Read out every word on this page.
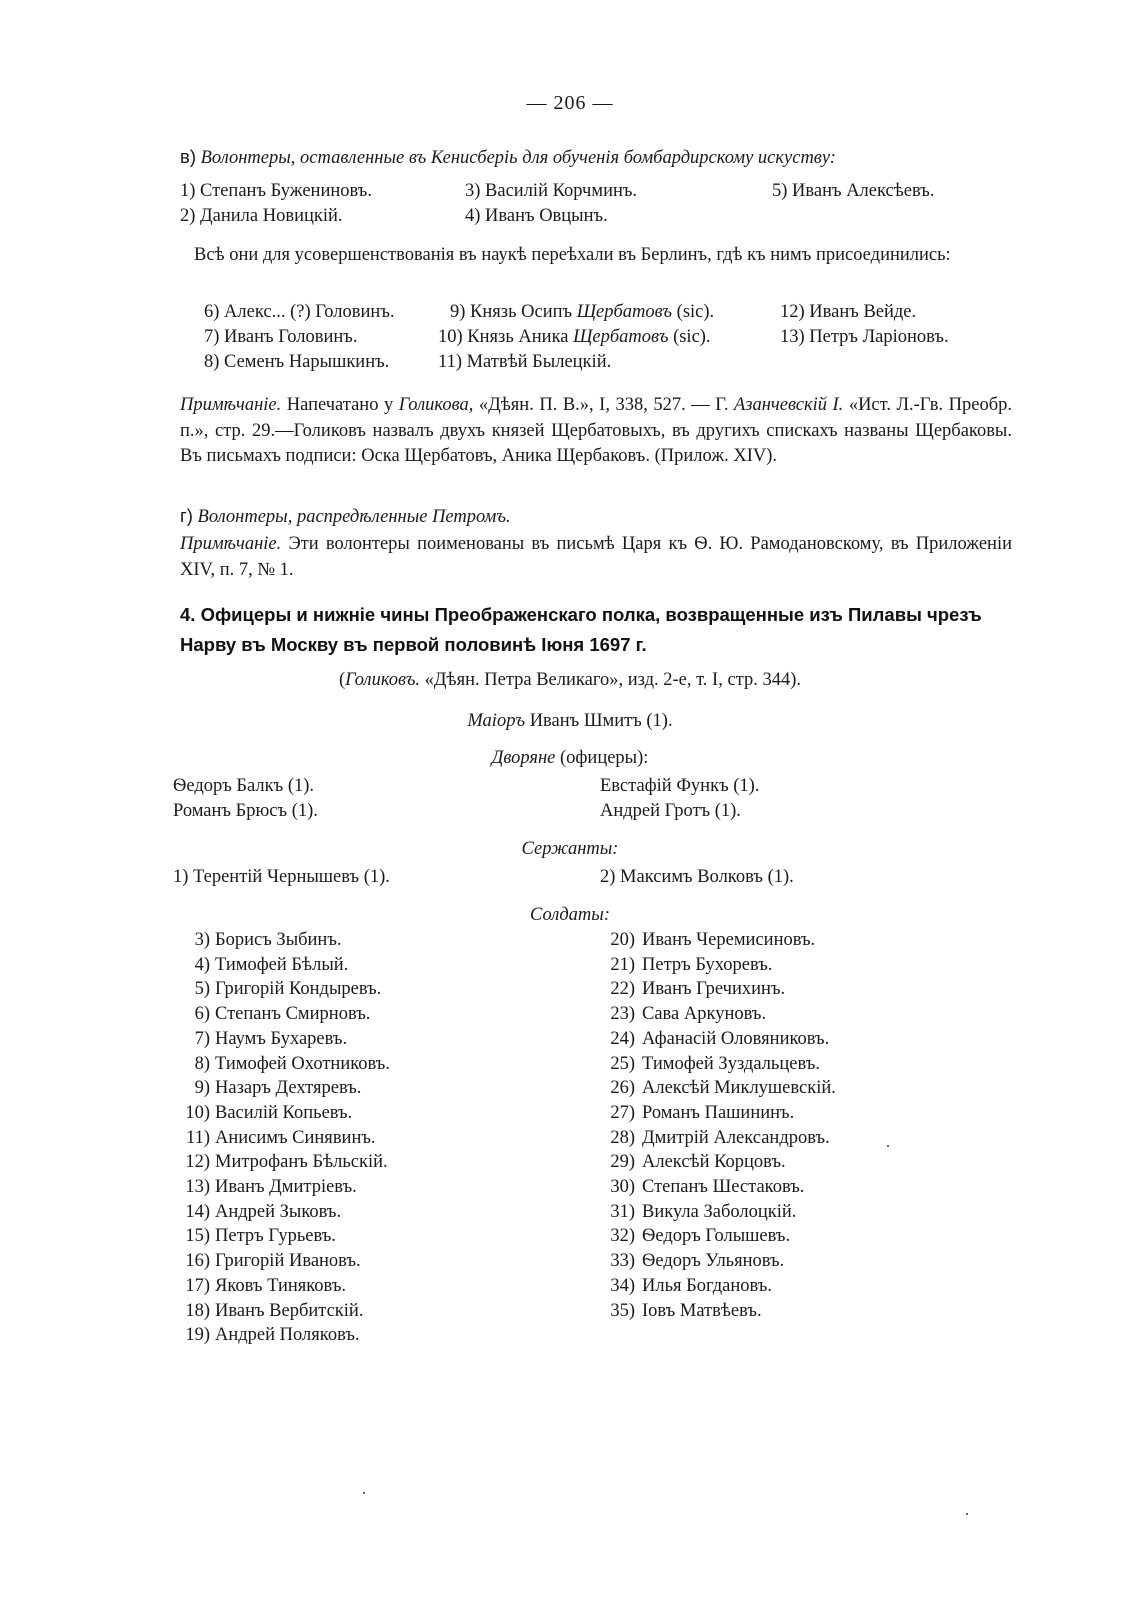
— 206 —
в) Волонтеры, оставленные въ Кенисберіь для обученія бомбардирскому искуству:
1) Степанъ Бужениновъ.
2) Данила Новицкій.
3) Василій Корчминъ.
4) Иванъ Овцынъ.
5) Иванъ Алексѣевъ.
Всѣ они для усовершенствованія въ наукѣ переѣхали въ Берлинъ, гдѣ къ нимъ присоединились:
6) Алекс... (?) Головинъ.
7) Иванъ Головинъ.
8) Семенъ Нарышкинъ.
9) Князь Осипъ Щербатовъ (sic).
10) Князь Аника Щербатовъ (sic).
11) Матвѣй Былецкій.
12) Иванъ Вейде.
13) Петръ Ларіоновъ.
Примѣчаніе. Напечатано у Голикова, «Дѣян. П. В.», I, 338, 527. — Г. Азанчевскій I. «Ист. Л.-Гв. Преобр. п.», стр. 29.—Голиковъ назвалъ двухъ князей Щербатовыхъ, въ другихъ спискахъ названы Щербаковы. Въ письмахъ подписи: Оска Щербатовъ, Аника Щербаковъ. (Прилож. XIV).
г) Волонтеры, распредѣленные Петромъ.
Примѣчаніе. Эти волонтеры поименованы въ письмѣ Царя къ Ѳ. Ю. Рамодановскому, въ Приложеніи XIV, п. 7, № 1.
4. Офицеры и нижніе чины Преображенскаго полка, возвращенные изъ Пилавы чрезъ Нарву въ Москву въ первой половинѣ Іюня 1697 г.
(Голиковъ. «Дѣян. Петра Великаго», изд. 2-е, т. I, стр. 344).
Маіоръ Иванъ Шмитъ (1).
Дворяне (офицеры):
Ѳедоръ Балкъ (1).
Романъ Брюсъ (1).
Евстафій Функъ (1).
Андрей Гротъ (1).
Сержанты:
1) Терентій Чернышевъ (1).	2) Максимъ Волковъ (1).
Солдаты:
3) Борисъ Зыбинъ.
4) Тимофей Бѣлый.
5) Григорій Кондыревъ.
6) Степанъ Смирновъ.
7) Наумъ Бухаревъ.
8) Тимофей Охотниковъ.
9) Назаръ Дехтяревъ.
10) Василій Копьевъ.
11) Анисимъ Синявинъ.
12) Митрофанъ Бѣльскій.
13) Иванъ Дмитріевъ.
14) Андрей Зыковъ.
15) Петръ Гурьевъ.
16) Григорій Ивановъ.
17) Яковъ Тиняковъ.
18) Иванъ Вербитскій.
19) Андрей Поляковъ.
20) Иванъ Черемисиновъ.
21) Петръ Бухоревъ.
22) Иванъ Гречихинъ.
23) Сава Аркуновъ.
24) Афанасій Оловяниковъ.
25) Тимофей Зуздальцевъ.
26) Алексѣй Миклушевскій.
27) Романъ Пашининъ.
28) Дмитрій Александровъ.
29) Алексѣй Корцовъ.
30) Степанъ Шестаковъ.
31) Викула Заболоцкій.
32) Ѳедоръ Голышевъ.
33) Ѳедоръ Ульяновъ.
34) Илья Богдановъ.
35) Іовъ Матвѣевъ.
